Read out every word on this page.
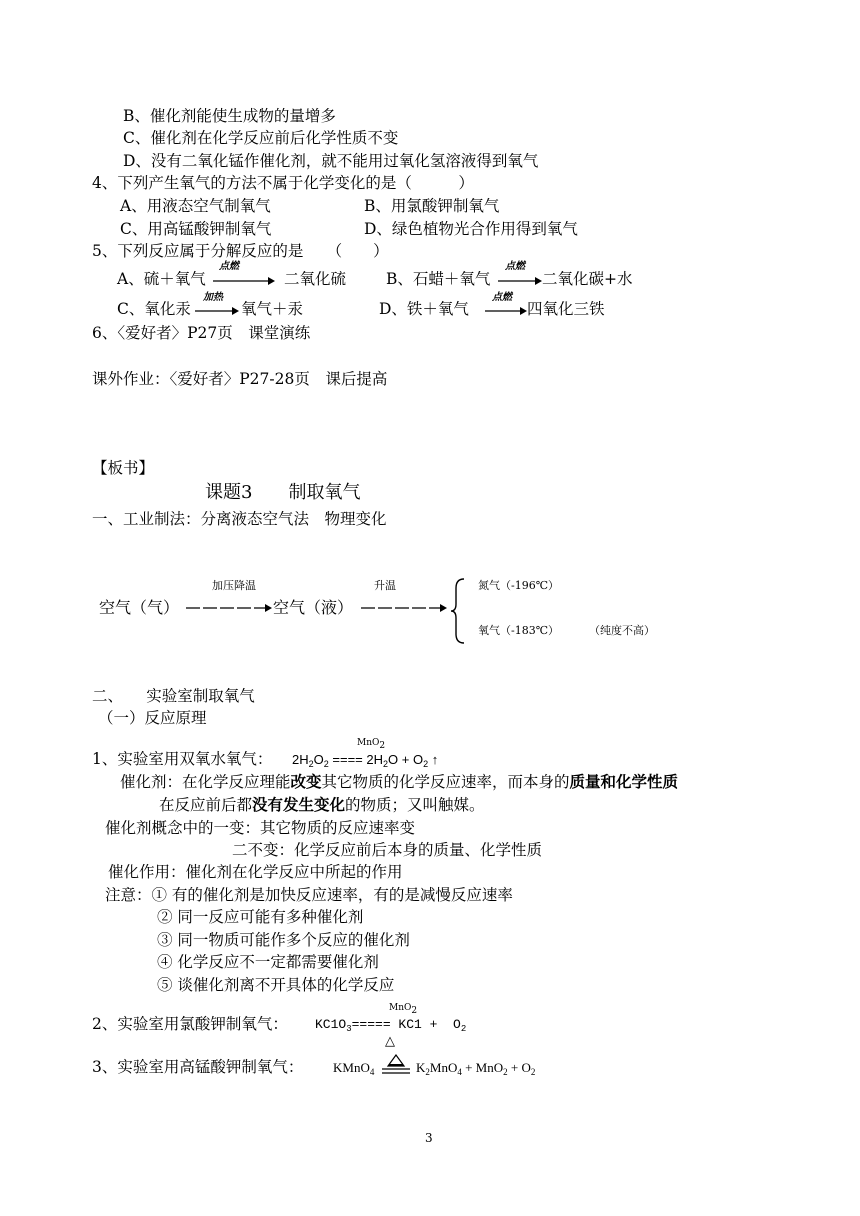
B、催化剂能使生成物的量增多
C、催化剂在化学反应前后化学性质不变
D、没有二氧化锰作催化剂，就不能用过氧化氢溶液得到氧气
4、下列产生氧气的方法不属于化学变化的是（　　　）
A、用液态空气制氧气	B、用氯酸钾制氧气
C、用高锰酸钾制氧气	D、绿色植物光合作用得到氧气
5、下列反应属于分解反应的是　　（　　）
A、硫＋氧气
点燃
二氧化硫	B、石蜡＋氧气
点燃
二氧化碳+水
C、氧化汞
加热
氧气＋汞	D、铁＋氧气
点燃
四氧化三铁
6、〈爱好者〉P27页　课堂演练
课外作业：〈爱好者〉P27-28页　课后提高
【板书】
课题3　　制取氧气
一、工业制法：分离液态空气法　物理变化
加压降温	升温
空气（气）	空气（液）
氮气（-196℃）
氧气（-183℃）	（纯度不高）
二、　　实验室制取氧气
（一）反应原理
MnO$_2$
1、实验室用双氧水氧气： $2H_2O_2$ ==== $2H_2O + O_2$ ↑
催化剂：在化学反应理能改变其它物质的化学反应速率，而本身的质量和化学性质
在反应前后都没有发生变化的物质；又叫触媒。
催化剂概念中的一变：其它物质的反应速率变
二不变：化学反应前后本身的质量、化学性质
催化作用：催化剂在化学反应中所起的作用
注意：① 有的催化剂是加快反应速率，有的是减慢反应速率
② 同一反应可能有多种催化剂
③ 同一物质可能作多个反应的催化剂
④ 化学反应不一定都需要催化剂
⑤ 谈催化剂离不开具体的化学反应
MnO$_2$
2、实验室用氯酸钾制氧气： $KC1O_3===== KC1 + O_2$
△
3、实验室用高锰酸钾制氧气： KMnO$_4$	$K_2MnO_4 + MnO_2 + O_2$
3
